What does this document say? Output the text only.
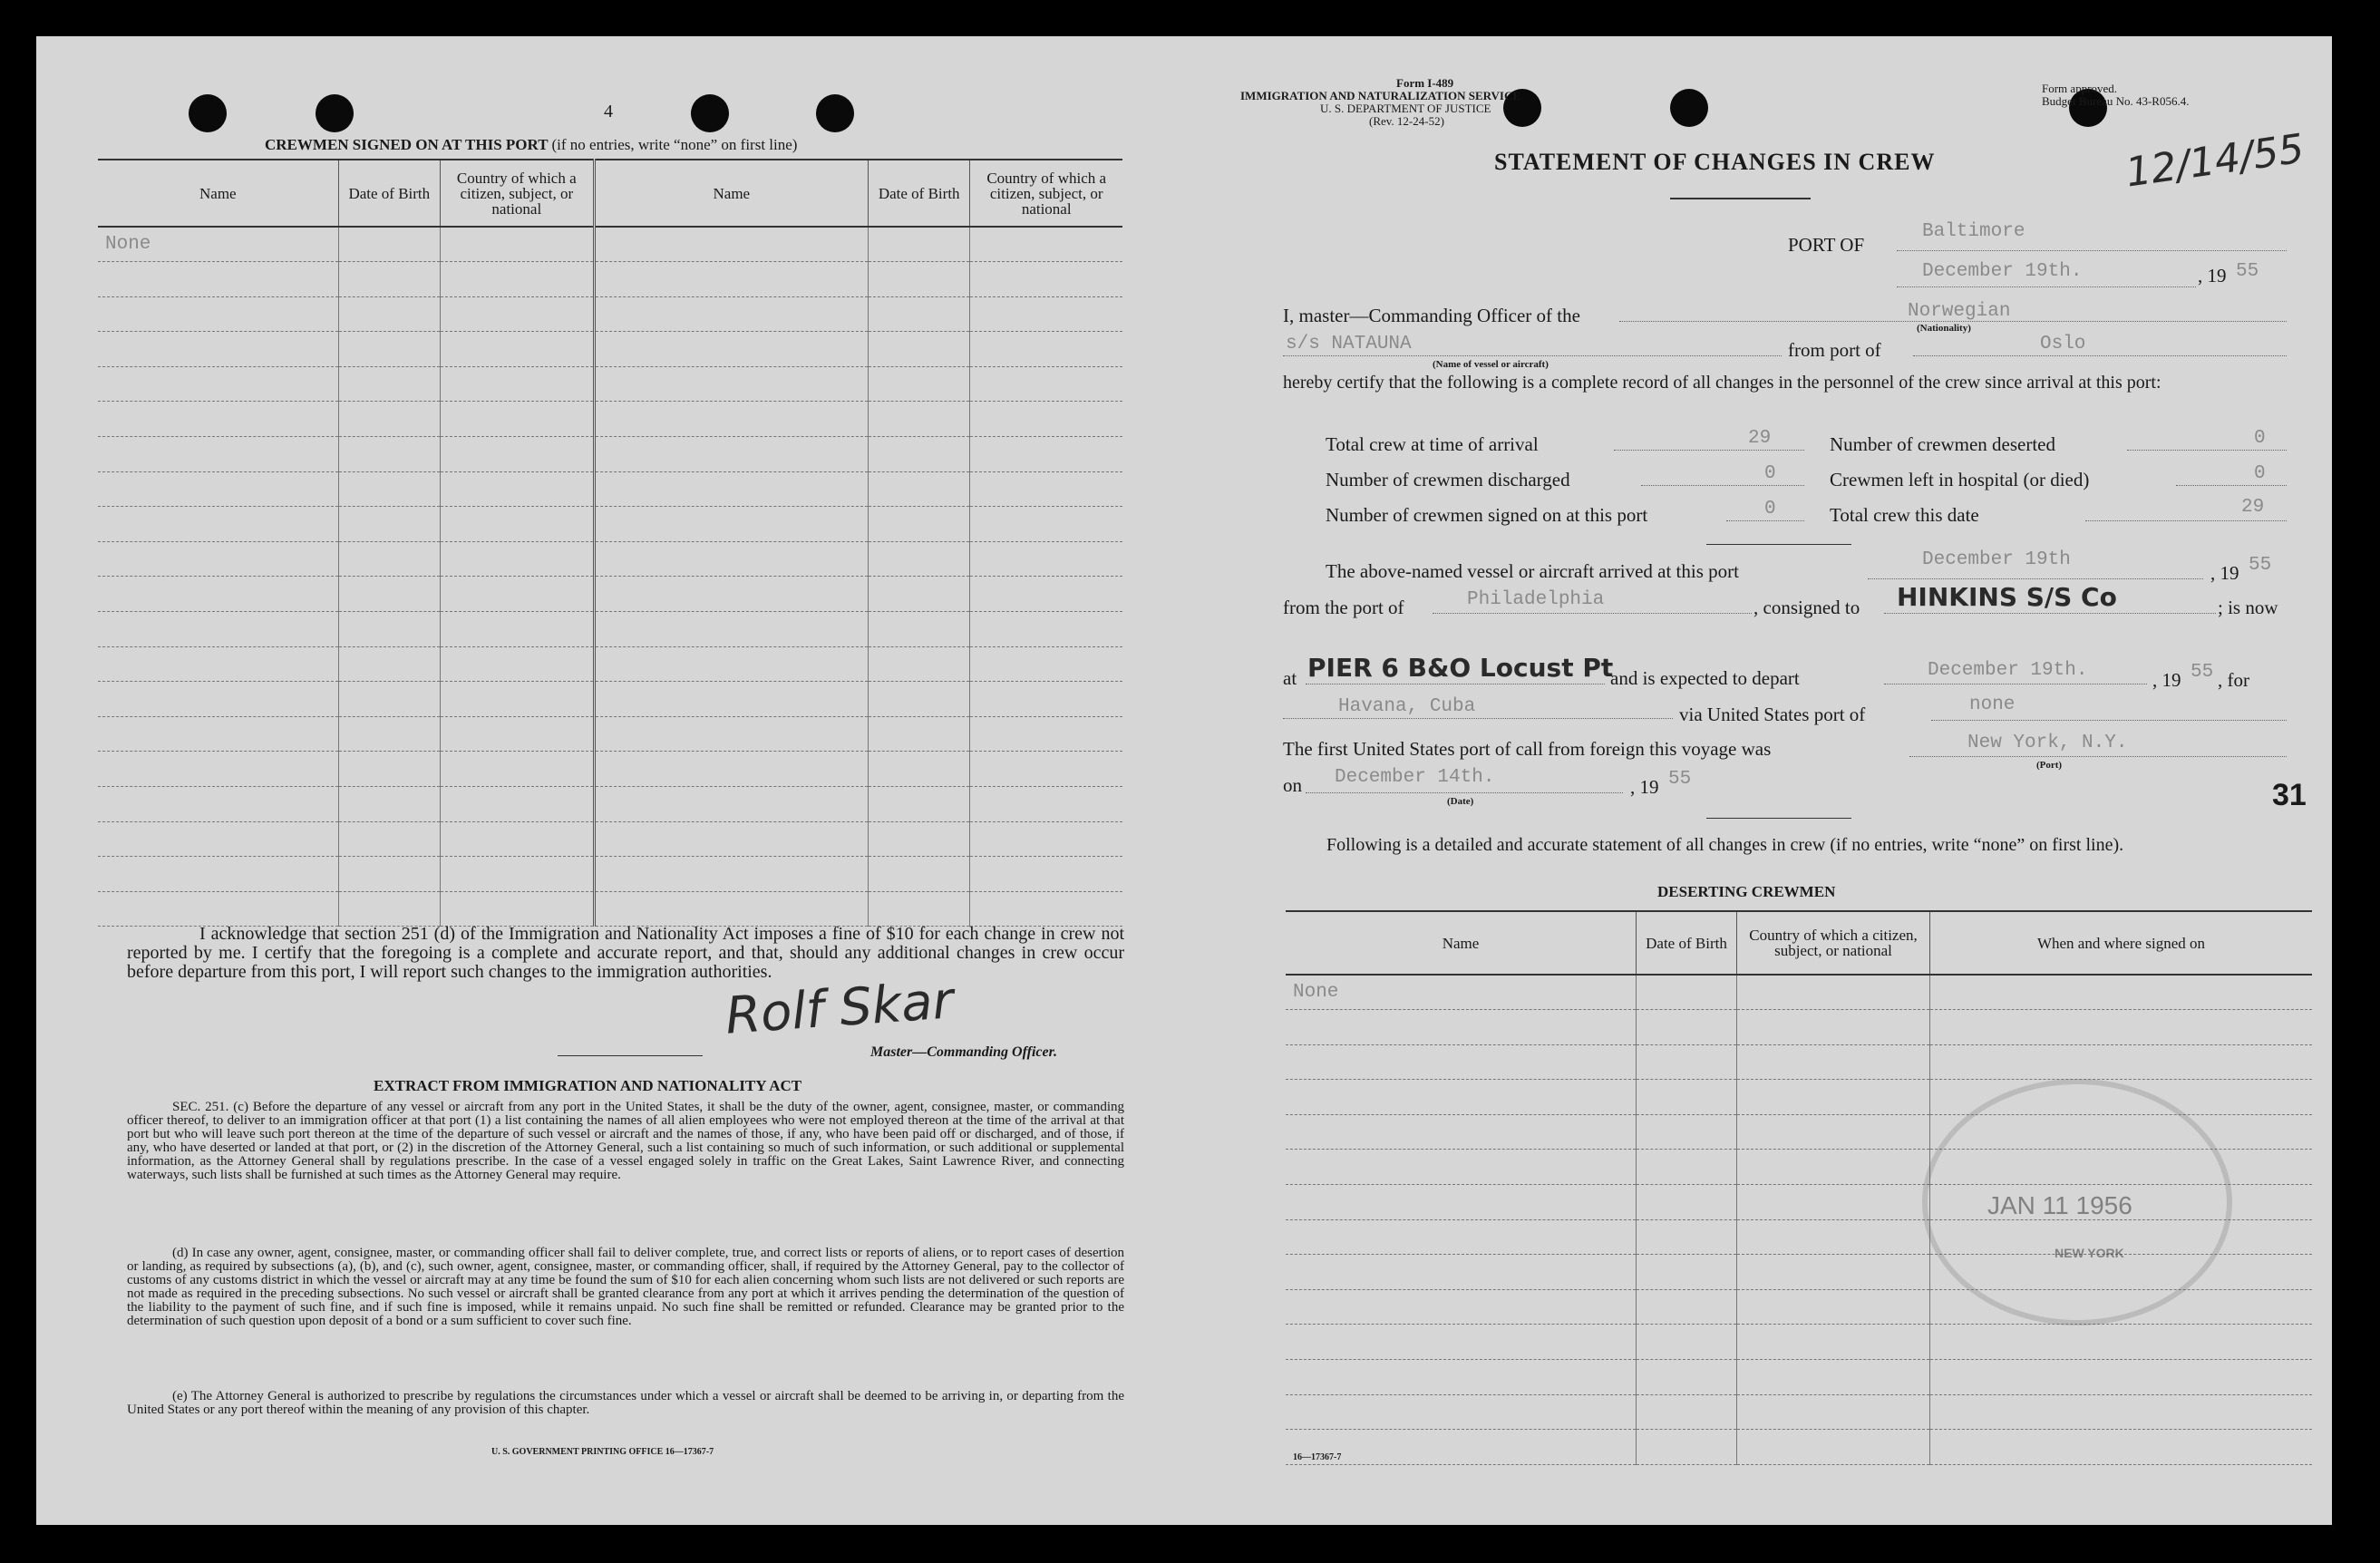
4
CREWMEN SIGNED ON AT THIS PORT (if no entries, write “none” on first line)
Name	Date of Birth	Country of which a citizen, subject, or national	Name	Date of Birth	Country of which a citizen, subject, or national
None					

I acknowledge that section 251 (d) of the Immigration and Nationality Act imposes a fine of $10 for each change in crew not reported by me. I certify that the foregoing is a complete and accurate report, and that, should any additional changes in crew occur before departure from this port, I will report such changes to the immigration authorities.
Rolf Skar
Master—Commanding Officer.
EXTRACT FROM IMMIGRATION AND NATIONALITY ACT
SEC. 251. (c) Before the departure of any vessel or aircraft from any port in the United States, it shall be the duty of the owner, agent, consignee, master, or commanding officer thereof, to deliver to an immigration officer at that port (1) a list containing the names of all alien employees who were not employed thereon at the time of the arrival at that port but who will leave such port thereon at the time of the departure of such vessel or aircraft and the names of those, if any, who have been paid off or discharged, and of those, if any, who have deserted or landed at that port, or (2) in the discretion of the Attorney General, such a list containing so much of such information, or such additional or supplemental information, as the Attorney General shall by regulations prescribe. In the case of a vessel engaged solely in traffic on the Great Lakes, Saint Lawrence River, and connecting waterways, such lists shall be furnished at such times as the Attorney General may require.
(d) In case any owner, agent, consignee, master, or commanding officer shall fail to deliver complete, true, and correct lists or reports of aliens, or to report cases of desertion or landing, as required by subsections (a), (b), and (c), such owner, agent, consignee, master, or commanding officer, shall, if required by the Attorney General, pay to the collector of customs of any customs district in which the vessel or aircraft may at any time be found the sum of $10 for each alien concerning whom such lists are not delivered or such reports are not made as required in the preceding subsections. No such vessel or aircraft shall be granted clearance from any port at which it arrives pending the determination of the question of the liability to the payment of such fine, and if such fine is imposed, while it remains unpaid. No such fine shall be remitted or refunded. Clearance may be granted prior to the determination of such question upon deposit of a bond or a sum sufficient to cover such fine.
(e) The Attorney General is authorized to prescribe by regulations the circumstances under which a vessel or aircraft shall be deemed to be arriving in, or departing from the United States or any port thereof within the meaning of any provision of this chapter.
U. S. GOVERNMENT PRINTING OFFICE 16—17367-7
Form I-489
IMMIGRATION AND NATURALIZATION SERVICE
U. S. DEPARTMENT OF JUSTICE
(Rev. 12-24-52)
Form approved.
Budget Bureau No. 43-R056.4.
STATEMENT OF CHANGES IN CREW	12/14/55
PORT OF
Baltimore
December 19th.	, 19 55
I, master—Commanding Officer of the	Norwegian
(Nationality)
s/s NATAUNA
(Name of vessel or aircraft)
from port of	Oslo
hereby certify that the following is a complete record of all changes in the personnel of the crew since arrival at this port:
Total crew at time of arrival	29	Number of crewmen deserted	0
Number of crewmen discharged	0	Crewmen left in hospital (or died)	0
Number of crewmen signed on at this port	0	Total crew this date	29
The above-named vessel or aircraft arrived at this port
December 19th
, 19 55
from the port of	Philadelphia	, consigned to HINKINS S/S Co	; is now
at PIER 6 B&O Locust Pt
and is expected to depart	December 19th.	, 19 55 , for
Havana, Cuba	via United States port of	none
The first United States port of call from foreign this voyage was	New York, N.Y.
(Port)
on December 14th.
(Date)
, 19 55	31
Following is a detailed and accurate statement of all changes in crew (if no entries, write “none” on first line).
DESERTING CREWMEN
Name	Date of Birth	Country of which a citizen, subject, or national	When and where signed on
None			

JAN 11 1956
NEW YORK
16—17367-7
